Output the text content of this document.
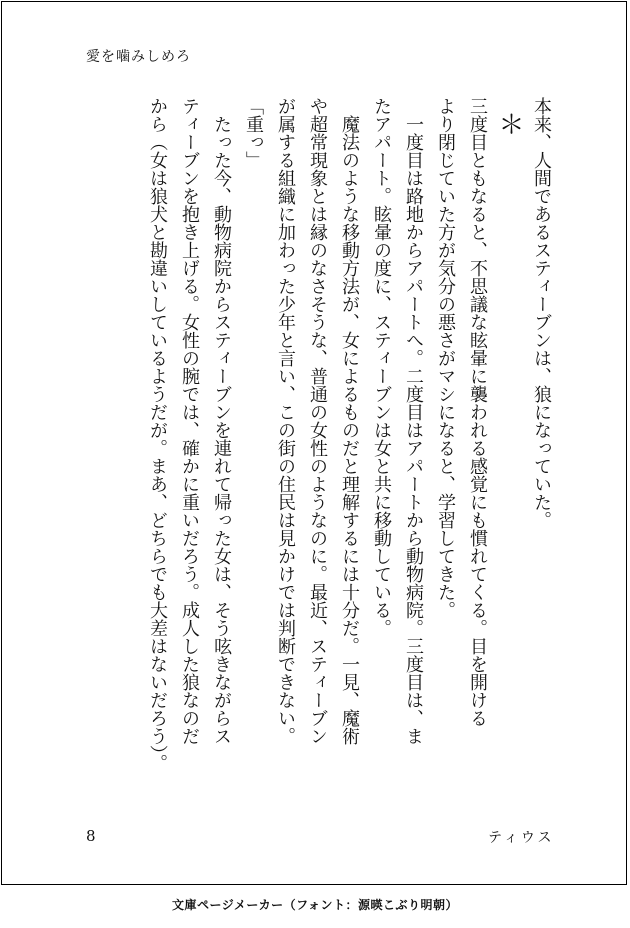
愛を噛みしめろ

本来、人間であるスティーブンは、狼になっていた。

＊

三度目ともなると、不思議な眩暈に襲われる感覚にも慣れてくる。目を開ける

より閉じていた方が気分の悪さがマシになると、学習してきた。

一度目は路地からアパートへ。二度目はアパートから動物病院。三度目は、ま

たアパート。眩暈の度に、スティーブンは女と共に移動している。

魔法のような移動方法が、女によるものだと理解するには十分だ。一見、魔術

や超常現象とは縁のなさそうな、普通の女性のようなのに。最近、スティーブン

が属する組織に加わった少年と言い、この街の住民は見かけでは判断できない。

「重っ」

たった今、動物病院からスティーブンを連れて帰った女は、そう呟きながらス

ティーブンを抱き上げる。女性の腕では、確かに重いだろう。成人した狼なのだ

から（女は狼犬と勘違いしているようだが。まあ、どちらでも大差はないだろう）。

8	ティウス
文庫ページメーカー（フォント：源暎こぶり明朝）
